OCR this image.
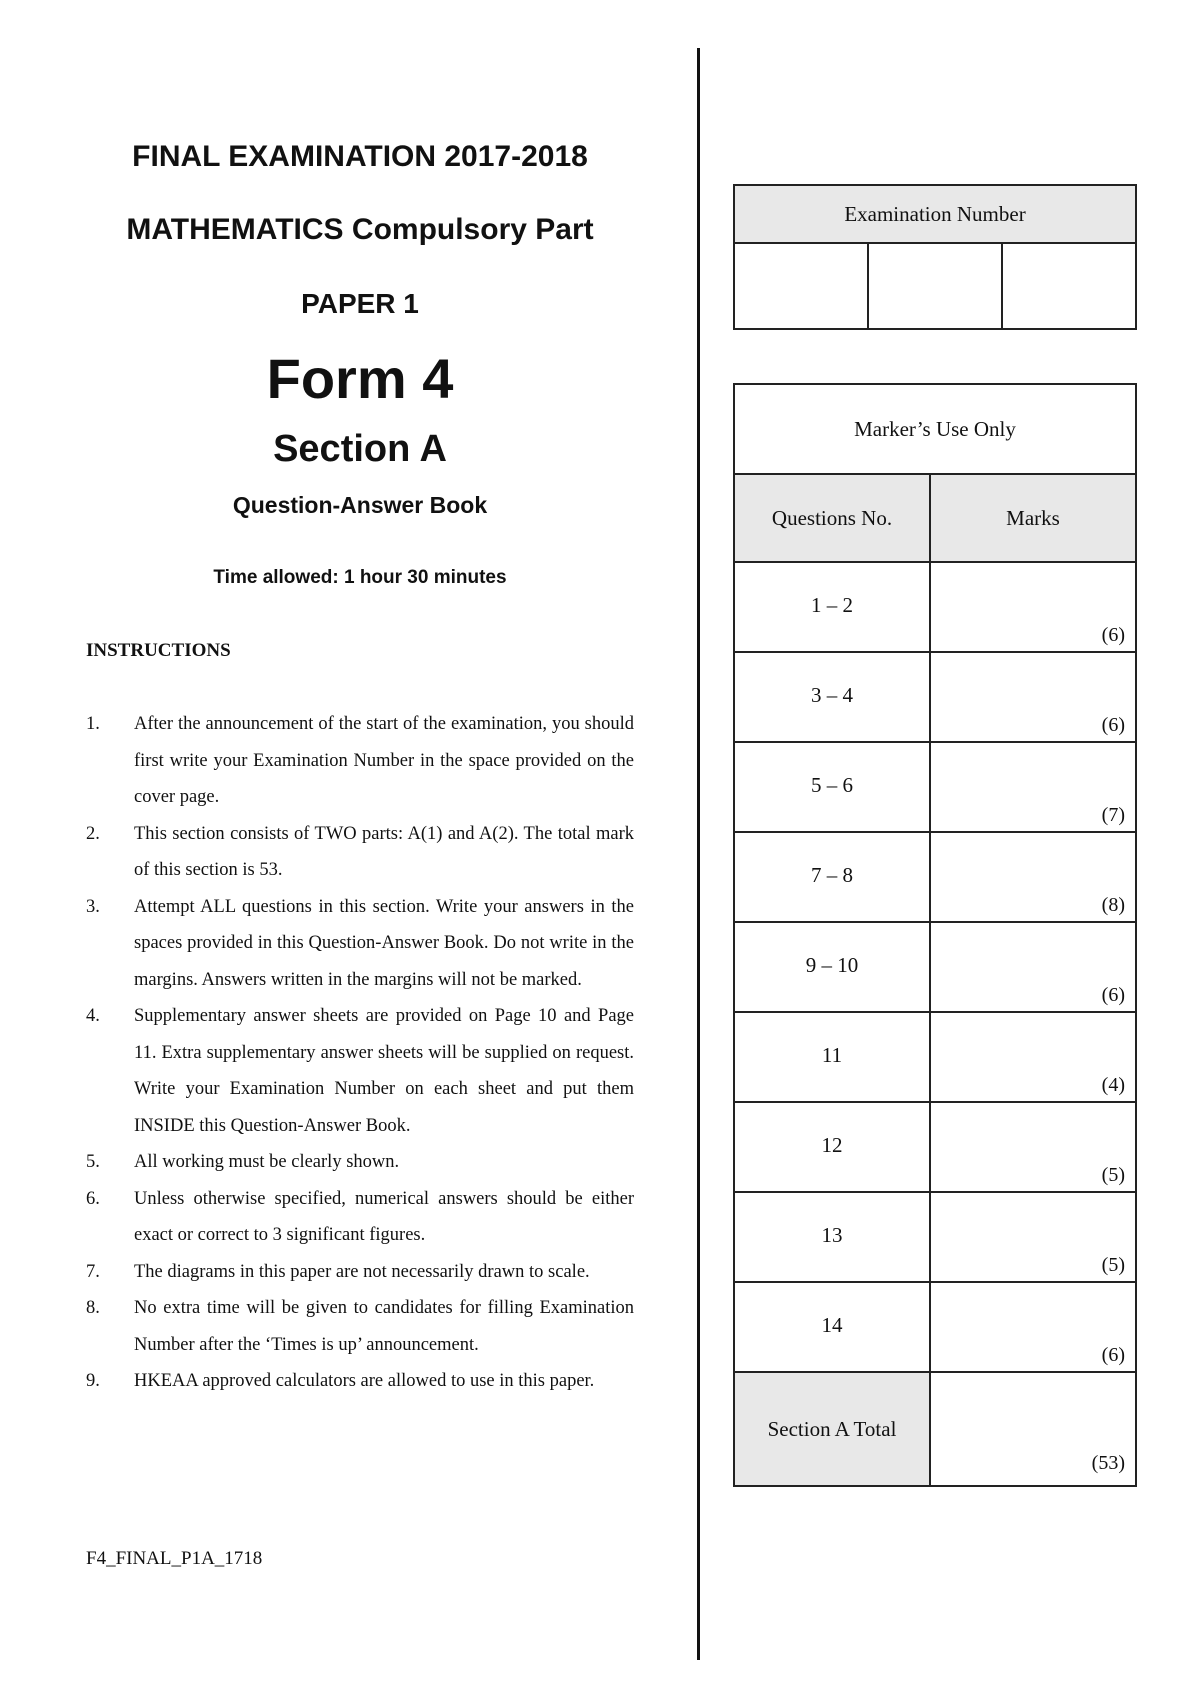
FINAL EXAMINATION 2017-2018
MATHEMATICS Compulsory Part
PAPER 1
Form 4
Section A
Question-Answer Book
Time allowed: 1 hour 30 minutes
INSTRUCTIONS
1.	After the announcement of the start of the examination, you should first write your Examination Number in the space provided on the cover page.
2.	This section consists of TWO parts: A(1) and A(2). The total mark of this section is 53.
3.	Attempt ALL questions in this section. Write your answers in the spaces provided in this Question-Answer Book. Do not write in the margins. Answers written in the margins will not be marked.
4.	Supplementary answer sheets are provided on Page 10 and Page 11. Extra supplementary answer sheets will be supplied on request. Write your Examination Number on each sheet and put them INSIDE this Question-Answer Book.
5.	All working must be clearly shown.
6.	Unless otherwise specified, numerical answers should be either exact or correct to 3 significant figures.
7.	The diagrams in this paper are not necessarily drawn to scale.
8.	No extra time will be given to candidates for filling Examination Number after the ‘Times is up’ announcement.
9.	HKEAA approved calculators are allowed to use in this paper.
F4_FINAL_P1A_1718
Examination Number

Marker’s Use Only	
Questions No.	Marks
1 – 2	(6)

3 – 4	(6)

5 – 6	(7)

7 – 8	(8)

9 – 10	(6)

11	(4)

12	(5)

13	(5)

14	(6)

Section A Total	(53)
